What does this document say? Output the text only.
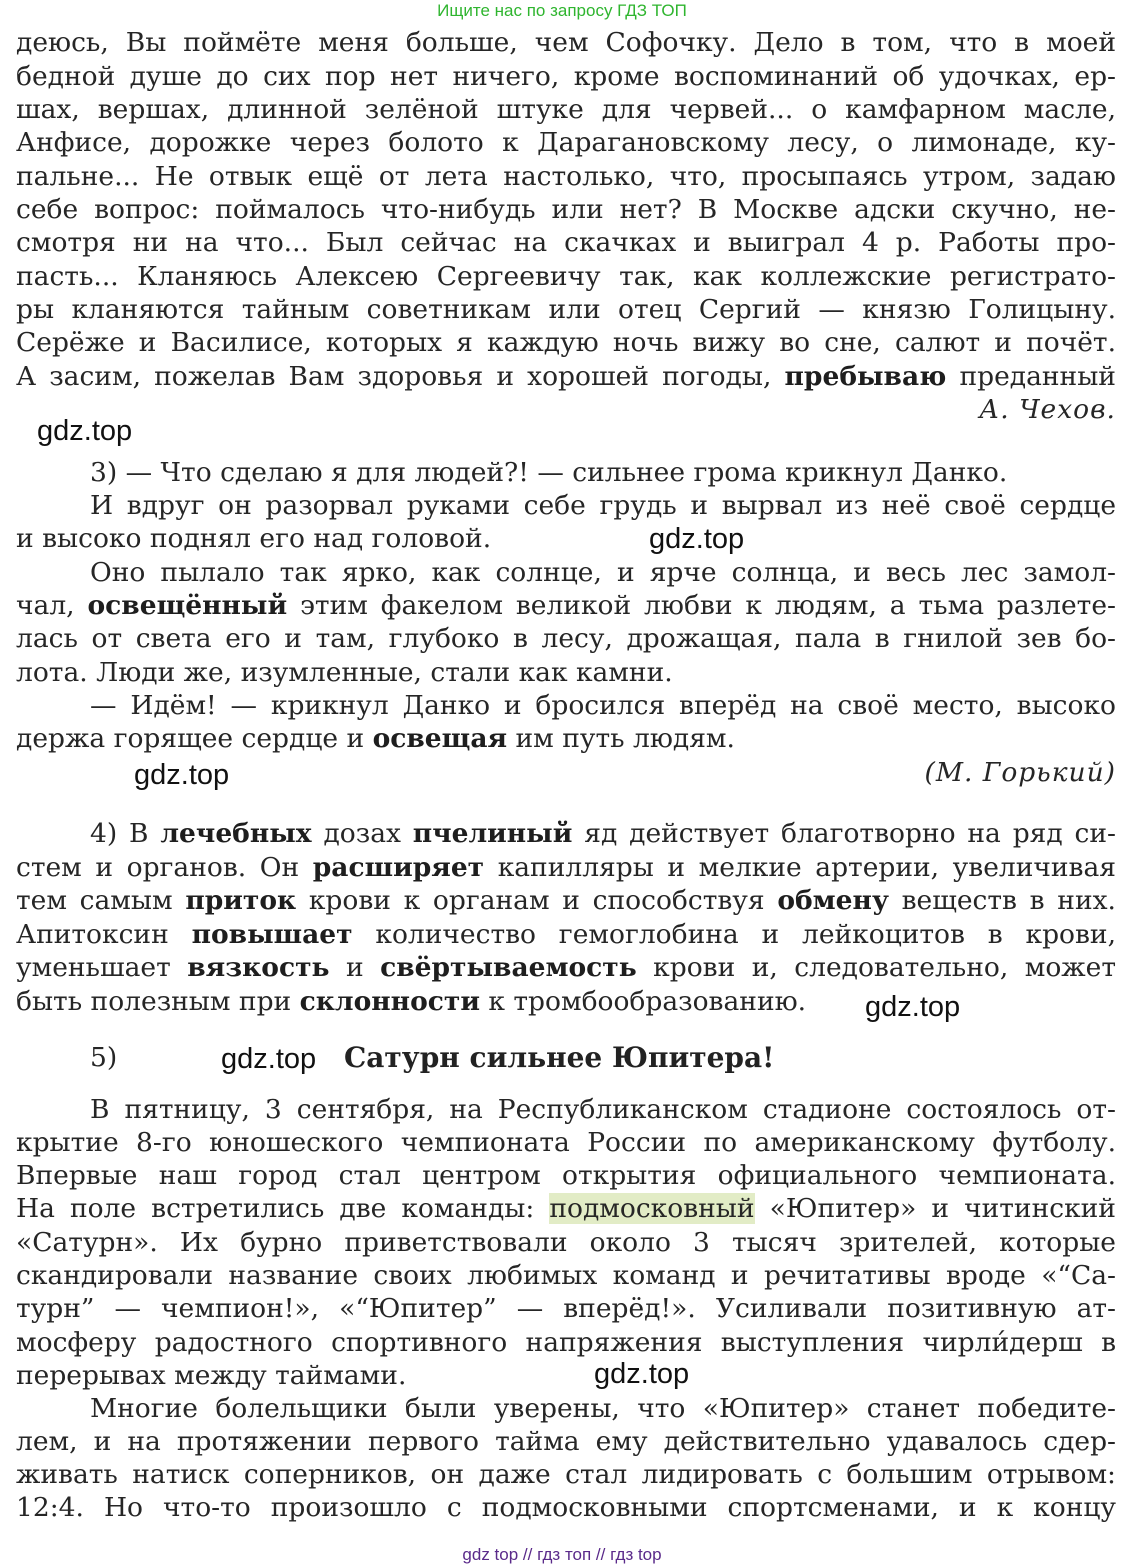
Ищите нас по запросу ГДЗ ТОП
деюсь, Вы поймёте меня больше, чем Софочку. Дело в том, что в моей
бедной душе до сих пор нет ничего, кроме воспоминаний об удочках, ер-
шах, вершах, длинной зелёной штуке для червей... о камфарном масле,
Анфисе, дорожке через болото к Дарагановскому лесу, о лимонаде, ку-
пальне... Не отвык ещё от лета настолько, что, просыпаясь утром, задаю
себе вопрос: поймалось что-нибудь или нет? В Москве адски скучно, не-
смотря ни на что... Был сейчас на скачках и выиграл 4 р. Работы про-
пасть... Кланяюсь Алексею Сергеевичу так, как коллежские регистрато-
ры кланяются тайным советникам или отец Сергий — князю Голицыну.
Серёже и Василисе, которых я каждую ночь вижу во сне, салют и почёт.
А засим, пожелав Вам здоровья и хорошей погоды, пребываю преданный
А. Чехов.
gdz.top
3) — Что сделаю я для людей?! — сильнее грома крикнул Данко.
И вдруг он разорвал руками себе грудь и вырвал из неё своё сердце
и высоко поднял его над головой.	gdz.top
Оно пылало так ярко, как солнце, и ярче солнца, и весь лес замол-
чал, освещённый этим факелом великой любви к людям, а тьма разлете-
лась от света его и там, глубоко в лесу, дрожащая, пала в гнилой зев бо-
лота. Люди же, изумленные, стали как камни.
— Идём! — крикнул Данко и бросился вперёд на своё место, высоко
держа горящее сердце и освещая им путь людям.
gdz.top	(М. Горький)
4) В лечебных дозах пчелиный яд действует благотворно на ряд си-
стем и органов. Он расширяет капилляры и мелкие артерии, увеличивая
тем самым приток крови к органам и способствуя обмену веществ в них.
Апитоксин повышает количество гемоглобина и лейкоцитов в крови,
уменьшает вязкость и свёртываемость крови и, следовательно, может
быть полезным при склонности к тромбообразованию.	gdz.top
5)	gdz.top Сатурн сильнее Юпитера!
В пятницу, 3 сентября, на Республиканском стадионе состоялось от-
крытие 8-го юношеского чемпионата России по американскому футболу.
Впервые наш город стал центром открытия официального чемпионата.
На поле встретились две команды: подмосковный «Юпитер» и читинский
«Сатурн». Их бурно приветствовали около 3 тысяч зрителей, которые
скандировали название своих любимых команд и речитативы вроде «“Са-
турн” — чемпион!», «“Юпитер” — вперёд!». Усиливали позитивную ат-
мосферу радостного спортивного напряжения выступления чирли́дерш в
перерывах между таймами.	gdz.top
Многие болельщики были уверены, что «Юпитер» станет победите-
лем, и на протяжении первого тайма ему действительно удавалось сдер-
живать натиск соперников, он даже стал лидировать с большим отрывом:
12:4. Но что-то произошло с подмосковными спортсменами, и к концу
gdz top // гдз топ // гдз top
